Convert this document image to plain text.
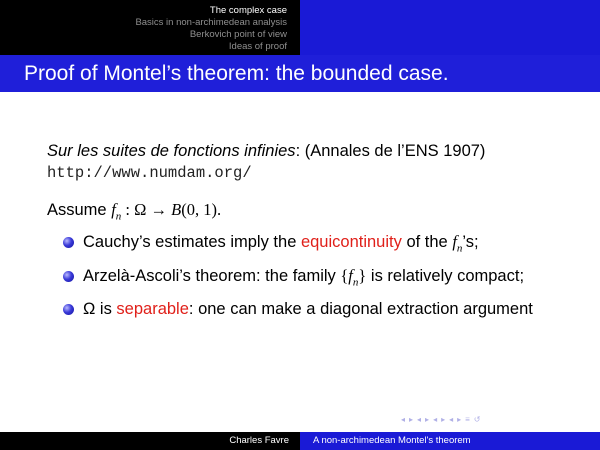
The complex case
Basics in non-archimedean analysis
Berkovich point of view
Ideas of proof
Proof of Montel’s theorem: the bounded case.
Sur les suites de fonctions infinies: (Annales de l’ENS 1907)
http://www.numdam.org/
Assume $f_n$ : Ω → B(0, 1).
Cauchy’s estimates imply the equicontinuity of the $f_n’s$;
Arzelà-Ascoli’s theorem: the family $\{f_n\}$ is relatively compact;
Ω is separable: one can make a diagonal extraction argument
◂ ▸ ◂ ▸ ◂ ▸ ◂ ▸ ≡ ↺
Charles Favre	A non-archimedean Montel's theorem
